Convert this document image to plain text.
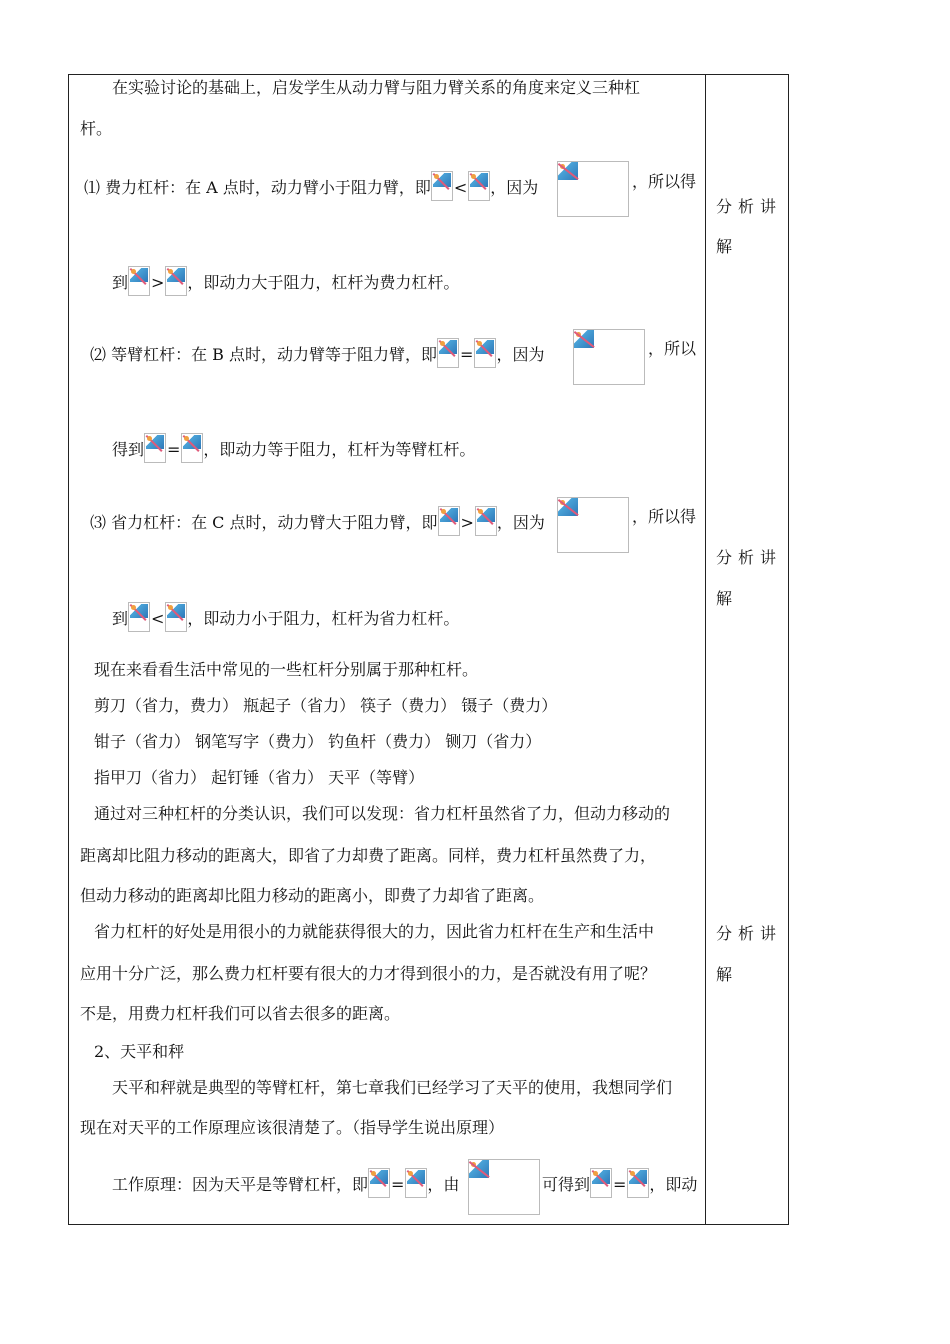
在实验讨论的基础上，启发学生从动力臂与阻力臂关系的角度来定义三种杠
杆。
⑴ 费力杠杆：在 A 点时，动力臂小于阻力臂，即 < ，因为	，所以得
到 > ，即动力大于阻力，杠杆为费力杠杆。
⑵ 等臂杠杆：在 B 点时，动力臂等于阻力臂，即 = ，因为	，所以
得到 = ，即动力等于阻力，杠杆为等臂杠杆。
⑶ 省力杠杆：在 C 点时，动力臂大于阻力臂，即 > ，因为	，所以得
到 < ，即动力小于阻力，杠杆为省力杠杆。
现在来看看生活中常见的一些杠杆分别属于那种杠杆。
剪刀（省力，费力） 瓶起子（省力） 筷子（费力） 镊子（费力）
钳子（省力） 钢笔写字（费力） 钓鱼杆（费力） 铡刀（省力）
指甲刀（省力） 起钉锤（省力） 天平（等臂）
通过对三种杠杆的分类认识，我们可以发现：省力杠杆虽然省了力，但动力移动的
距离却比阻力移动的距离大，即省了力却费了距离。同样，费力杠杆虽然费了力，
但动力移动的距离却比阻力移动的距离小，即费了力却省了距离。
省力杠杆的好处是用很小的力就能获得很大的力，因此省力杠杆在生产和生活中
应用十分广泛，那么费力杠杆要有很大的力才得到很小的力，是否就没有用了呢？
不是，用费力杠杆我们可以省去很多的距离。
2、天平和秤
天平和秤就是典型的等臂杠杆，第七章我们已经学习了天平的使用，我想同学们
现在对天平的工作原理应该很清楚了。（指导学生说出原理）
工作原理：因为天平是等臂杠杆，即 = ，由	可得到 = ，即动
分析讲
解
分析讲
解
分析讲
解
